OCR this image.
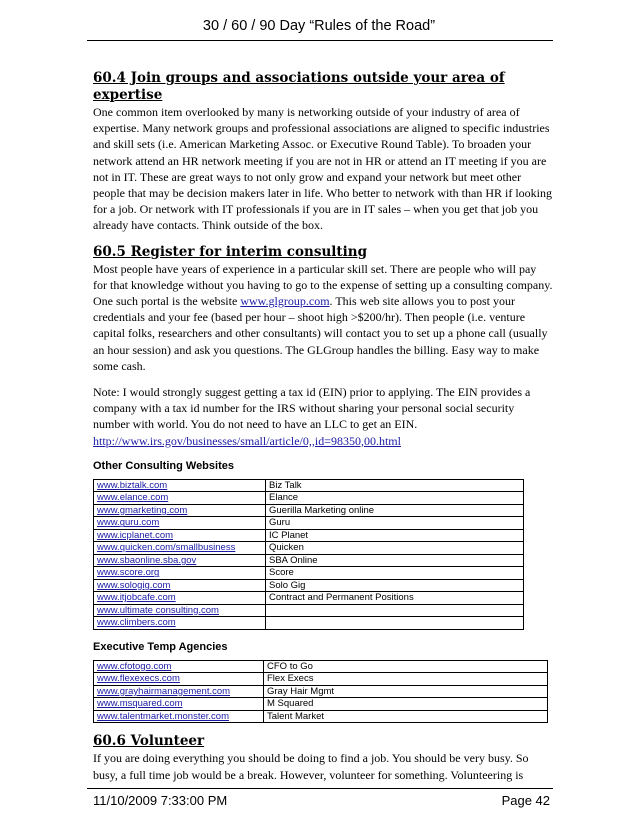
30 / 60 / 90 Day “Rules of the Road”
60.4 Join groups and associations outside your area of expertise

One common item overlooked by many is networking outside of your industry of area of expertise. Many network groups and professional associations are aligned to specific industries and skill sets (i.e. American Marketing Assoc. or Executive Round Table). To broaden your network attend an HR network meeting if you are not in HR or attend an IT meeting if you are not in IT. These are great ways to not only grow and expand your network but meet other people that may be decision makers later in life. Who better to network with than HR if looking for a job. Or network with IT professionals if you are in IT sales – when you get that job you already have contacts. Think outside of the box.

60.5 Register for interim consulting

Most people have years of experience in a particular skill set. There are people who will pay for that knowledge without you having to go to the expense of setting up a consulting company. One such portal is the website www.glgroup.com. This web site allows you to post your credentials and your fee (based per hour – shoot high >$200/hr). Then people (i.e. venture capital folks, researchers and other consultants) will contact you to set up a phone call (usually an hour session) and ask you questions. The GLGroup handles the billing. Easy way to make some cash.

Note: I would strongly suggest getting a tax id (EIN) prior to applying. The EIN provides a company with a tax id number for the IRS without sharing your personal social security number with world. You do not need to have an LLC to get an EIN.

http://www.irs.gov/businesses/small/article/0,,id=98350,00.html

Other Consulting Websites
www.biztalk.com	Biz Talk
www.elance.com	Elance
www.gmarketing.com	Guerilla Marketing online
www.guru.com	Guru
www.icplanet.com	IC Planet
www.quicken.com/smallbusiness	Quicken
www.sbaonline.sba.gov	SBA Online
www.score.org	Score
www.sologig.com	Solo Gig
www.itjobcafe.com	Contract and Permanent Positions
www.ultimate consulting.com	
www.climbers.com	
Executive Temp Agencies
www.cfotogo.com	CFO to Go
www.flexexecs.com	Flex Execs
www.grayhairmanagement.com	Gray Hair Mgmt
www.msquared.com	M Squared
www.talentmarket.monster.com	Talent Market
60.6 Volunteer

If you are doing everything you should be doing to find a job. You should be very busy. So busy, a full time job would be a break. However, volunteer for something. Volunteering is

11/10/2009 7:33:00 PM	Page 42
